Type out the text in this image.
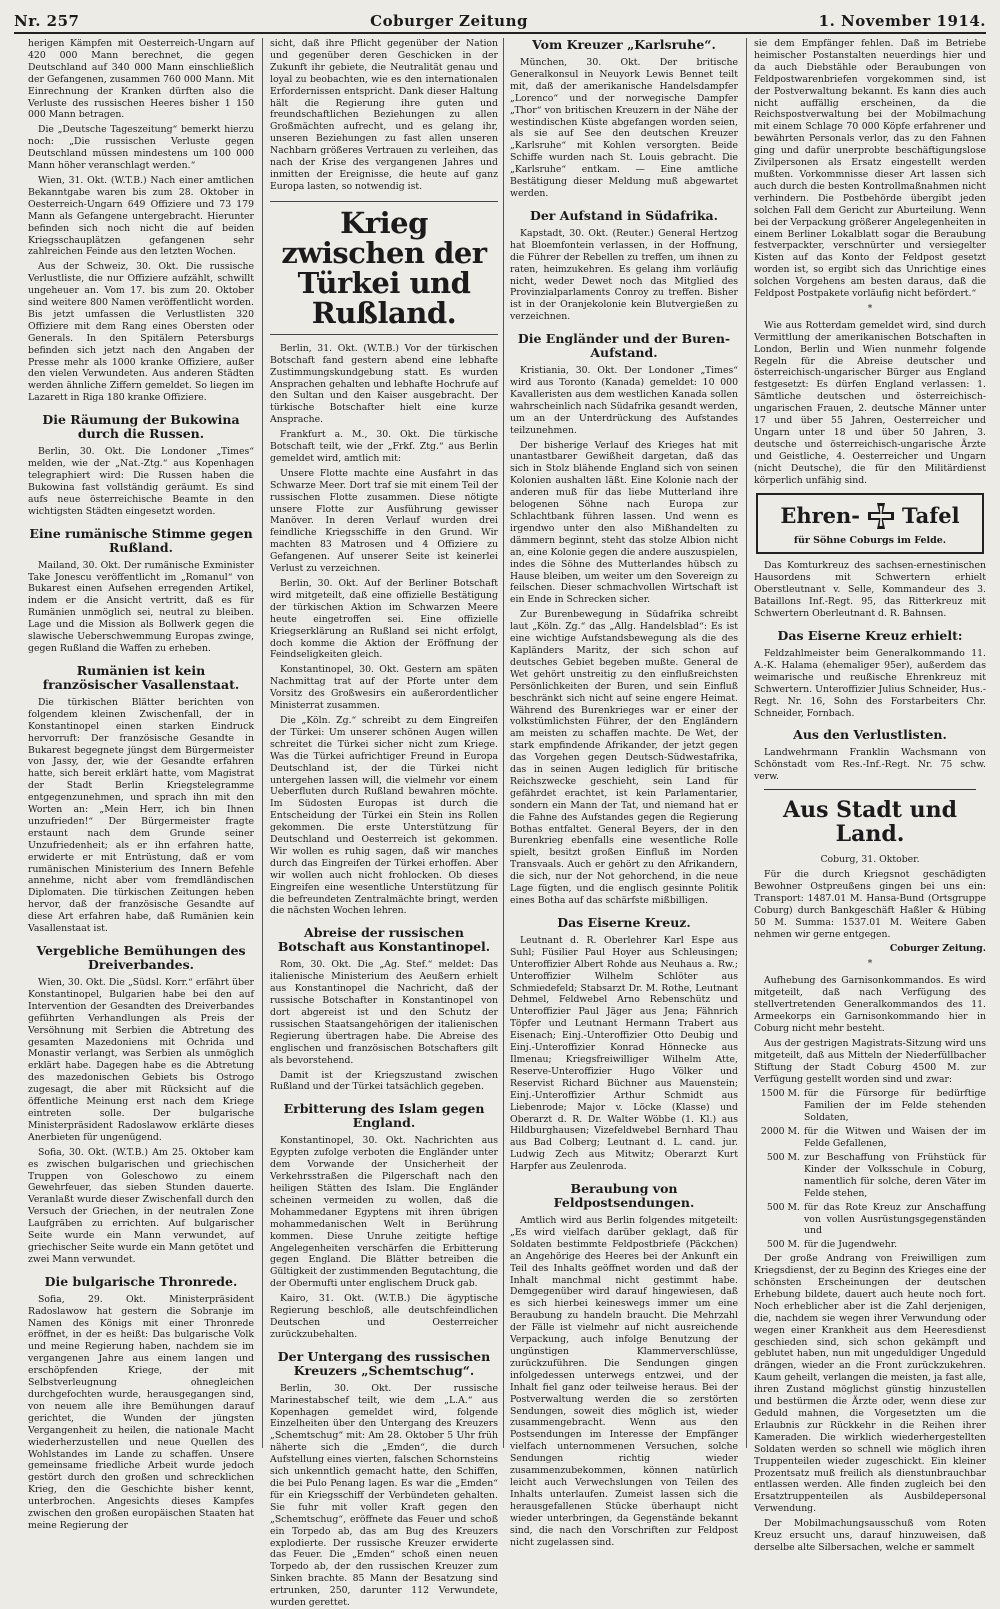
Nr. 257	Coburger Zeitung	1. November 1914.

herigen Kämpfen mit Oesterreich-Ungarn auf 420 000 Mann berechnet, die gegen Deutschland auf 340 000 Mann einschließlich der Gefangenen, zusammen 760 000 Mann. Mit Einrechnung der Kranken dürften also die Verluste des russischen Heeres bisher 1 150 000 Mann betragen.

Die „Deutsche Tageszeitung“ bemerkt hierzu noch: „Die russischen Verluste gegen Deutschland müssen mindestens um 100 000 Mann höher veranschlagt werden.“

Wien, 31. Okt. (W.T.B.) Nach einer amtlichen Bekanntgabe waren bis zum 28. Oktober in Oesterreich-Ungarn 649 Offiziere und 73 179 Mann als Gefangene untergebracht. Hierunter befinden sich noch nicht die auf beiden Kriegsschauplätzen gefangenen sehr zahlreichen Feinde aus den letzten Wochen.

Aus der Schweiz, 30. Okt. Die russische Verlustliste, die nur Offiziere aufzählt, schwillt ungeheuer an. Vom 17. bis zum 20. Oktober sind weitere 800 Namen veröffentlicht worden. Bis jetzt umfassen die Verlustlisten 320 Offiziere mit dem Rang eines Obersten oder Generals. In den Spitälern Petersburgs befinden sich jetzt nach den Angaben der Presse mehr als 1000 kranke Offiziere, außer den vielen Verwundeten. Aus anderen Städten werden ähnliche Ziffern gemeldet. So liegen im Lazarett in Riga 180 kranke Offiziere.

Die Räumung der Bukowina durch die Russen.

Berlin, 30. Okt. Die Londoner „Times“ melden, wie der „Nat.-Ztg.“ aus Kopenhagen telegraphiert wird: Die Russen haben die Bukowina fast vollständig geräumt. Es sind aufs neue österreichische Beamte in den wichtigsten Städten eingesetzt worden.

Eine rumänische Stimme gegen Rußland.

Mailand, 30. Okt. Der rumänische Exminister Take Jonescu veröffentlicht im „Romanul“ von Bukarest einen Aufsehen erregenden Artikel, indem er die Ansicht vertritt, daß es für Rumänien unmöglich sei, neutral zu bleiben. Lage und die Mission als Bollwerk gegen die slawische Ueberschwemmung Europas zwinge, gegen Rußland die Waffen zu erheben.

Rumänien ist kein französischer Vasallenstaat.

Die türkischen Blätter berichten von folgendem kleinen Zwischenfall, der in Konstantinopel einen starken Eindruck hervorruft: Der französische Gesandte in Bukarest begegnete jüngst dem Bürgermeister von Jassy, der, wie der Gesandte erfahren hatte, sich bereit erklärt hatte, vom Magistrat der Stadt Berlin Kriegstelegramme entgegenzunehmen, und sprach ihn mit den Worten an: „Mein Herr, ich bin Ihnen unzufrieden!“ Der Bürgermeister fragte erstaunt nach dem Grunde seiner Unzufriedenheit; als er ihn erfahren hatte, erwiderte er mit Entrüstung, daß er vom rumänischen Ministerium des Innern Befehle annehme, nicht aber vom fremdländischen Diplomaten. Die türkischen Zeitungen heben hervor, daß der französische Gesandte auf diese Art erfahren habe, daß Rumänien kein Vasallenstaat ist.

Vergebliche Bemühungen des Dreiverbandes.

Wien, 30. Okt. Die „Südsl. Korr.“ erfährt über Konstantinopel, Bulgarien habe bei den auf Intervention der Gesandten des Dreiverbandes geführten Verhandlungen als Preis der Versöhnung mit Serbien die Abtretung des gesamten Mazedoniens mit Ochrida und Monastir verlangt, was Serbien als unmöglich erklärt habe. Dagegen habe es die Abtretung des mazedonischen Gebiets bis Ostrogo zugesagt, die aber mit Rücksicht auf die öffentliche Meinung erst nach dem Kriege eintreten solle. Der bulgarische Ministerpräsident Radoslawow erklärte dieses Anerbieten für ungenügend.

Sofia, 30. Okt. (W.T.B.) Am 25. Oktober kam es zwischen bulgarischen und griechischen Truppen von Goleschowo zu einem Gewehrfeuer, das sieben Stunden dauerte. Veranlaßt wurde dieser Zwischenfall durch den Versuch der Griechen, in der neutralen Zone Laufgräben zu errichten. Auf bulgarischer Seite wurde ein Mann verwundet, auf griechischer Seite wurde ein Mann getötet und zwei Mann verwundet.

Die bulgarische Thronrede.

Sofia, 29. Okt. Ministerpräsident Radoslawow hat gestern die Sobranje im Namen des Königs mit einer Thronrede eröffnet, in der es heißt: Das bulgarische Volk und meine Regierung haben, nachdem sie im vergangenen Jahre aus einem langen und erschöpfenden Kriege, der mit Selbstverleugnung ohnegleichen durchgefochten wurde, herausgegangen sind, von neuem alle ihre Bemühungen darauf gerichtet, die Wunden der jüngsten Vergangenheit zu heilen, die nationale Macht wiederherzustellen und neue Quellen des Wohlstandes im Lande zu schaffen. Unsere gemeinsame friedliche Arbeit wurde jedoch gestört durch den großen und schrecklichen Krieg, den die Geschichte bisher kennt, unterbrochen. Angesichts dieses Kampfes zwischen den großen europäischen Staaten hat meine Regierung der

sicht, daß ihre Pflicht gegenüber der Nation und gegenüber deren Geschicken in der Zukunft ihr gebiete, die Neutralität genau und loyal zu beobachten, wie es den internationalen Erfordernissen entspricht. Dank dieser Haltung hält die Regierung ihre guten und freundschaftlichen Beziehungen zu allen Großmächten aufrecht, und es gelang ihr, unseren Beziehungen zu fast allen unseren Nachbarn größeres Vertrauen zu verleihen, das nach der Krise des vergangenen Jahres und inmitten der Ereignisse, die heute auf ganz Europa lasten, so notwendig ist.

Krieg zwischen der Türkei und Rußland.

Berlin, 31. Okt. (W.T.B.) Vor der türkischen Botschaft fand gestern abend eine lebhafte Zustimmungskundgebung statt. Es wurden Ansprachen gehalten und lebhafte Hochrufe auf den Sultan und den Kaiser ausgebracht. Der türkische Botschafter hielt eine kurze Ansprache.

Frankfurt a. M., 30. Okt. Die türkische Botschaft teilt, wie der „Frkf. Ztg.“ aus Berlin gemeldet wird, amtlich mit:

Unsere Flotte machte eine Ausfahrt in das Schwarze Meer. Dort traf sie mit einem Teil der russischen Flotte zusammen. Diese nötigte unsere Flotte zur Ausführung gewisser Manöver. In deren Verlauf wurden drei feindliche Kriegsschiffe in den Grund. Wir machten 83 Matrosen und 4 Offiziere zu Gefangenen. Auf unserer Seite ist keinerlei Verlust zu verzeichnen.

Berlin, 30. Okt. Auf der Berliner Botschaft wird mitgeteilt, daß eine offizielle Bestätigung der türkischen Aktion im Schwarzen Meere heute eingetroffen sei. Eine offizielle Kriegserklärung an Rußland sei nicht erfolgt, doch komme die Aktion der Eröffnung der Feindseligkeiten gleich.

Konstantinopel, 30. Okt. Gestern am späten Nachmittag trat auf der Pforte unter dem Vorsitz des Großwesirs ein außerordentlicher Ministerrat zusammen.

Die „Köln. Zg.“ schreibt zu dem Eingreifen der Türkei: Um unserer schönen Augen willen schreitet die Türkei sicher nicht zum Kriege. Was die Türkei aufrichtiger Freund in Europa Deutschland ist, der die Türkei nicht untergehen lassen will, die vielmehr vor einem Ueberfluten durch Rußland bewahren möchte. Im Südosten Europas ist durch die Entscheidung der Türkei ein Stein ins Rollen gekommen. Die erste Unterstützung für Deutschland und Oesterreich ist gekommen. Wir wollen es ruhig sagen, daß wir manches durch das Eingreifen der Türkei erhoffen. Aber wir wollen auch nicht frohlocken. Ob dieses Eingreifen eine wesentliche Unterstützung für die befreundeten Zentralmächte bringt, werden die nächsten Wochen lehren.

Abreise der russischen Botschaft aus Konstantinopel.

Rom, 30. Okt. Die „Ag. Stef.“ meldet: Das italienische Ministerium des Aeußern erhielt aus Konstantinopel die Nachricht, daß der russische Botschafter in Konstantinopel von dort abgereist ist und den Schutz der russischen Staatsangehörigen der italienischen Regierung übertragen habe. Die Abreise des englischen und französischen Botschafters gilt als bevorstehend.

Damit ist der Kriegszustand zwischen Rußland und der Türkei tatsächlich gegeben.

Erbitterung des Islam gegen England.

Konstantinopel, 30. Okt. Nachrichten aus Egypten zufolge verboten die Engländer unter dem Vorwande der Unsicherheit der Verkehrsstraßen die Pilgerschaft nach den heiligen Stätten des Islam. Die Engländer scheinen vermeiden zu wollen, daß die Mohammedaner Egyptens mit ihren übrigen mohammedanischen Welt in Berührung kommen. Diese Unruhe zeitigte heftige Angelegenheiten verschärfen die Erbitterung gegen England. Die Blätter betreiben die Gültigkeit der zustimmenden Begutachtung, die der Obermufti unter englischem Druck gab.

Kairo, 31. Okt. (W.T.B.) Die ägyptische Regierung beschloß, alle deutschfeindlichen Deutschen und Oesterreicher zurückzubehalten.

Der Untergang des russischen Kreuzers „Schemtschug“.

Berlin, 30. Okt. Der russische Marinestabschef teilt, wie dem „L.A.“ aus Kopenhagen gemeldet wird, folgende Einzelheiten über den Untergang des Kreuzers „Schemtschug“ mit: Am 28. Oktober 5 Uhr früh näherte sich die „Emden“, die durch Aufstellung eines vierten, falschen Schornsteins sich unkenntlich gemacht hatte, den Schiffen, die bei Pulo Penang lagen. Es war die „Emden“ für ein Kriegsschiff der Verbündeten gehalten. Sie fuhr mit voller Kraft gegen den „Schemtschug“, eröffnete das Feuer und schoß ein Torpedo ab, das am Bug des Kreuzers explodierte. Der russische Kreuzer erwiderte das Feuer. Die „Emden“ schoß einen neuen Torpedo ab, der den russischen Kreuzer zum Sinken brachte. 85 Mann der Besatzung sind ertrunken, 250, darunter 112 Verwundete, wurden gerettet.

Vom Kreuzer „Karlsruhe“.

München, 30. Okt. Der britische Generalkonsul in Neuyork Lewis Bennet teilt mit, daß der amerikanische Handelsdampfer „Lorenco“ und der norwegische Dampfer „Thor“ von britischen Kreuzern in der Nähe der westindischen Küste abgefangen worden seien, als sie auf See den deutschen Kreuzer „Karlsruhe“ mit Kohlen versorgten. Beide Schiffe wurden nach St. Louis gebracht. Die „Karlsruhe“ entkam. — Eine amtliche Bestätigung dieser Meldung muß abgewartet werden.

Der Aufstand in Südafrika.

Kapstadt, 30. Okt. (Reuter.) General Hertzog hat Bloemfontein verlassen, in der Hoffnung, die Führer der Rebellen zu treffen, um ihnen zu raten, heimzukehren. Es gelang ihm vorläufig nicht, weder Dewet noch das Mitglied des Provinzialparlaments Conroy zu treffen. Bisher ist in der Oranjekolonie kein Blutvergießen zu verzeichnen.

Die Engländer und der Buren-Aufstand.

Kristiania, 30. Okt. Der Londoner „Times“ wird aus Toronto (Kanada) gemeldet: 10 000 Kavalleristen aus dem westlichen Kanada sollen wahrscheinlich nach Südafrika gesandt werden, um an der Unterdrückung des Aufstandes teilzunehmen.

Der bisherige Verlauf des Krieges hat mit unantastbarer Gewißheit dargetan, daß das sich in Stolz blähende England sich von seinen Kolonien aushalten läßt. Eine Kolonie nach der anderen muß für das liebe Mutterland ihre belogenen Söhne nach Europa zur Schlachtbank führen lassen. Und wenn es irgendwo unter den also Mißhandelten zu dämmern beginnt, steht das stolze Albion nicht an, eine Kolonie gegen die andere auszuspielen, indes die Söhne des Mutterlandes hübsch zu Hause bleiben, um weiter um den Sovereign zu feilschen. Dieser schmachvollen Wirtschaft ist ein Ende in Schrecken sicher.

Zur Burenbewegung in Südafrika schreibt laut „Köln. Zg.“ das „Allg. Handelsblad“: Es ist eine wichtige Aufstandsbewegung als die des Kapländers Maritz, der sich schon auf deutsches Gebiet begeben mußte. General de Wet gehört unstreitig zu den einflußreichsten Persönlichkeiten der Buren, und sein Einfluß beschränkt sich nicht auf seine engere Heimat. Während des Burenkrieges war er einer der volkstümlichsten Führer, der den Engländern am meisten zu schaffen machte. De Wet, der stark empfindende Afrikander, der jetzt gegen das Vorgehen gegen Deutsch-Südwestafrika, das in seinen Augen lediglich für britische Reichszwecke geschieht, sein Land für gefährdet erachtet, ist kein Parlamentarier, sondern ein Mann der Tat, und niemand hat er die Fahne des Aufstandes gegen die Regierung Bothas entfaltet. General Beyers, der in den Burenkrieg ebenfalls eine wesentliche Rolle spielt, besitzt großen Einfluß im Norden Transvaals. Auch er gehört zu den Afrikandern, die sich, nur der Not gehorchend, in die neue Lage fügten, und die englisch gesinnte Politik eines Botha auf das schärfste mißbilligen.

Das Eiserne Kreuz.

Leutnant d. R. Oberlehrer Karl Espe aus Suhl; Füsilier Paul Hoyer aus Schleusingen; Unteroffizier Albert Rohde aus Neuhaus a. Rw.; Unteroffizier Wilhelm Schlöter aus Schmiedefeld; Stabsarzt Dr. M. Rothe, Leutnant Dehmel, Feldwebel Arno Rebenschütz und Unteroffizier Paul Jäger aus Jena; Fähnrich Töpfer und Leutnant Hermann Trabert aus Eisenach; Einj.-Unteroffizier Otto Deubig und Einj.-Unteroffizier Konrad Hönnecke aus Ilmenau; Kriegsfreiwilliger Wilhelm Atte, Reserve-Unteroffizier Hugo Völker und Reservist Richard Büchner aus Mauenstein; Einj.-Unteroffizier Arthur Schmidt aus Liebenrode; Major v. Löcke (Klasse) und Oberarzt d. R. Dr. Walter Wöbbe (1. Kl.) aus Hildburghausen; Vizefeldwebel Bernhard Thau aus Bad Colberg; Leutnant d. L. cand. jur. Ludwig Zech aus Mitwitz; Oberarzt Kurt Harpfer aus Zeulenroda.

Beraubung von Feldpostsendungen.

Amtlich wird aus Berlin folgendes mitgeteilt: „Es wird vielfach darüber geklagt, daß für Soldaten bestimmte Feldpostbriefe (Päckchen) an Angehörige des Heeres bei der Ankunft ein Teil des Inhalts geöffnet worden und daß der Inhalt manchmal nicht gestimmt habe. Demgegenüber wird darauf hingewiesen, daß es sich hierbei keineswegs immer um eine Beraubung zu handeln braucht. Die Mehrzahl der Fälle ist vielmehr auf nicht ausreichende Verpackung, auch infolge Benutzung der ungünstigen Klammerverschlüsse, zurückzuführen. Die Sendungen gingen infolgedessen unterwegs entzwei, und der Inhalt fiel ganz oder teilweise heraus. Bei der Postverwaltung werden die so zerstörten Sendungen, soweit dies möglich ist, wieder zusammengebracht. Wenn aus den Postsendungen im Interesse der Empfänger vielfach unternommenen Versuchen, solche Sendungen richtig wieder zusammenzubekommen, können natürlich leicht auch Verwechslungen von Teilen des Inhalts unterlaufen. Zumeist lassen sich die herausgefallenen Stücke überhaupt nicht wieder unterbringen, da Gegenstände bekannt sind, die nach den Vorschriften zur Feldpost nicht zugelassen sind.

sie dem Empfänger fehlen. Daß im Betriebe heimischer Postanstalten neuerdings hier und da auch Diebstähle oder Beraubungen von Feldpostwarenbriefen vorgekommen sind, ist der Postverwaltung bekannt. Es kann dies auch nicht auffällig erscheinen, da die Reichspostverwaltung bei der Mobilmachung mit einem Schlage 70 000 Köpfe erfahrener und bewährten Personals verlor, das zu den Fahnen ging und dafür unerprobte beschäftigungslose Zivilpersonen als Ersatz eingestellt werden mußten. Vorkommnisse dieser Art lassen sich auch durch die besten Kontrollmaßnahmen nicht verhindern. Die Postbehörde übergibt jeden solchen Fall dem Gericht zur Aburteilung. Wenn bei der Verpackung größerer Angelegenheiten in einem Berliner Lokalblatt sogar die Beraubung festverpackter, verschnürter und versiegelter Kisten auf das Konto der Feldpost gesetzt worden ist, so ergibt sich das Unrichtige eines solchen Vorgehens am besten daraus, daß die Feldpost Postpakete vorläufig nicht befördert.“

*

Wie aus Rotterdam gemeldet wird, sind durch Vermittlung der amerikanischen Botschaften in London, Berlin und Wien nunmehr folgende Regeln für die Abreise deutscher und österreichisch-ungarischer Bürger aus England festgesetzt: Es dürfen England verlassen: 1. Sämtliche deutschen und österreichisch-ungarischen Frauen, 2. deutsche Männer unter 17 und über 55 Jahren, Oesterreicher und Ungarn unter 18 und über 50 Jahren, 3. deutsche und österreichisch-ungarische Ärzte und Geistliche, 4. Oesterreicher und Ungarn (nicht Deutsche), die für den Militärdienst körperlich unfähig sind.

Ehren- Tafel
für Söhne Coburgs im Felde.

Das Komturkreuz des sachsen-ernestinischen Hausordens mit Schwertern erhielt Oberstleutnant v. Selle, Kommandeur des 3. Bataillons Inf.-Regt. 95, das Ritterkreuz mit Schwertern Oberleutnant d. R. Bahnsen.

Das Eiserne Kreuz erhielt:

Feldzahlmeister beim Generalkommando 11. A.-K. Halama (ehemaliger 95er), außerdem das weimarische und reußische Ehrenkreuz mit Schwertern. Unteroffizier Julius Schneider, Hus.-Regt. Nr. 16, Sohn des Forstarbeiters Chr. Schneider, Fornbach.

Aus den Verlustlisten.

Landwehrmann Franklin Wachsmann von Schönstadt vom Res.-Inf.-Regt. Nr. 75 schw. verw.

Aus Stadt und Land.

Coburg, 31. Oktober.

Für die durch Kriegsnot geschädigten Bewohner Ostpreußens gingen bei uns ein: Transport: 1487.01 M. Hansa-Bund (Ortsgruppe Coburg) durch Bankgeschäft Haßler & Hübing 50 M. Summa: 1537.01 M. Weitere Gaben nehmen wir gerne entgegen.

Coburger Zeitung.
*

Aufhebung des Garnisonkommandos. Es wird mitgeteilt, daß nach Verfügung des stellvertretenden Generalkommandos des 11. Armeekorps ein Garnisonkommando hier in Coburg nicht mehr besteht.

Aus der gestrigen Magistrats-Sitzung wird uns mitgeteilt, daß aus Mitteln der Niederfüllbacher Stiftung der Stadt Coburg 4500 M. zur Verfügung gestellt worden sind und zwar:

1500 M.	für die Fürsorge für bedürftige Familien der im Felde stehenden Soldaten,
2000 M.	für die Witwen und Waisen der im Felde Gefallenen,
500 M.	zur Beschaffung von Frühstück für Kinder der Volksschule in Coburg, namentlich für solche, deren Väter im Felde stehen,
500 M.	für das Rote Kreuz zur Anschaffung von vollen Ausrüstungsgegenständen und
500 M.	für die Jugendwehr.

Der große Andrang von Freiwilligen zum Kriegsdienst, der zu Beginn des Krieges eine der schönsten Erscheinungen der deutschen Erhebung bildete, dauert auch heute noch fort. Noch erheblicher aber ist die Zahl derjenigen, die, nachdem sie wegen ihrer Verwundung oder wegen einer Krankheit aus dem Heeresdienst geschieden sind, sich schon gekämpft und geblutet haben, nun mit ungeduldiger Ungeduld drängen, wieder an die Front zurückzukehren. Kaum geheilt, verlangen die meisten, ja fast alle, ihren Zustand möglichst günstig hinzustellen und bestürmen die Ärzte oder, wenn diese zur Geduld mahnen, die Vorgesetzten um die Erlaubnis zur Rückkehr in die Reihen ihrer Kameraden. Die wirklich wiederhergestellten Soldaten werden so schnell wie möglich ihren Truppenteilen wieder zugeschickt. Ein kleiner Prozentsatz muß freilich als dienstunbrauchbar entlassen werden. Alle finden zugleich bei den Ersatztruppenteilen als Ausbildepersonal Verwendung.

Der Mobilmachungsausschuß vom Roten Kreuz ersucht uns, darauf hinzuweisen, daß derselbe alte Silbersachen, welche er sammelt
